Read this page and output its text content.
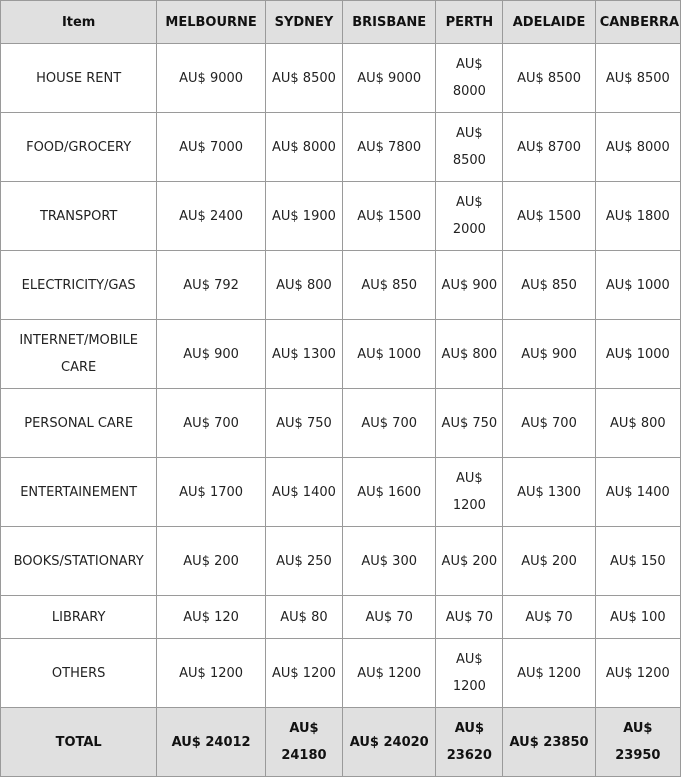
Item	MELBOURNE	SYDNEY	BRISBANE	PERTH	ADELAIDE	CANBERRA
HOUSE RENT	AU$ 9000	AU$ 8500	AU$ 9000	AU$ 8000	AU$ 8500	AU$ 8500
FOOD/GROCERY	AU$ 7000	AU$ 8000	AU$ 7800	AU$ 8500	AU$ 8700	AU$ 8000
TRANSPORT	AU$ 2400	AU$ 1900	AU$ 1500	AU$ 2000	AU$ 1500	AU$ 1800
ELECTRICITY/GAS	AU$ 792	AU$ 800	AU$ 850	AU$ 900	AU$ 850	AU$ 1000
INTERNET/MOBILE CARE	AU$ 900	AU$ 1300	AU$ 1000	AU$ 800	AU$ 900	AU$ 1000
PERSONAL CARE	AU$ 700	AU$ 750	AU$ 700	AU$ 750	AU$ 700	AU$ 800
ENTERTAINEMENT	AU$ 1700	AU$ 1400	AU$ 1600	AU$ 1200	AU$ 1300	AU$ 1400
BOOKS/STATIONARY	AU$ 200	AU$ 250	AU$ 300	AU$ 200	AU$ 200	AU$ 150
LIBRARY	AU$ 120	AU$ 80	AU$ 70	AU$ 70	AU$ 70	AU$ 100
OTHERS	AU$ 1200	AU$ 1200	AU$ 1200	AU$ 1200	AU$ 1200	AU$ 1200
TOTAL	AU$ 24012	AU$ 24180	AU$ 24020	AU$ 23620	AU$ 23850	AU$ 23950
